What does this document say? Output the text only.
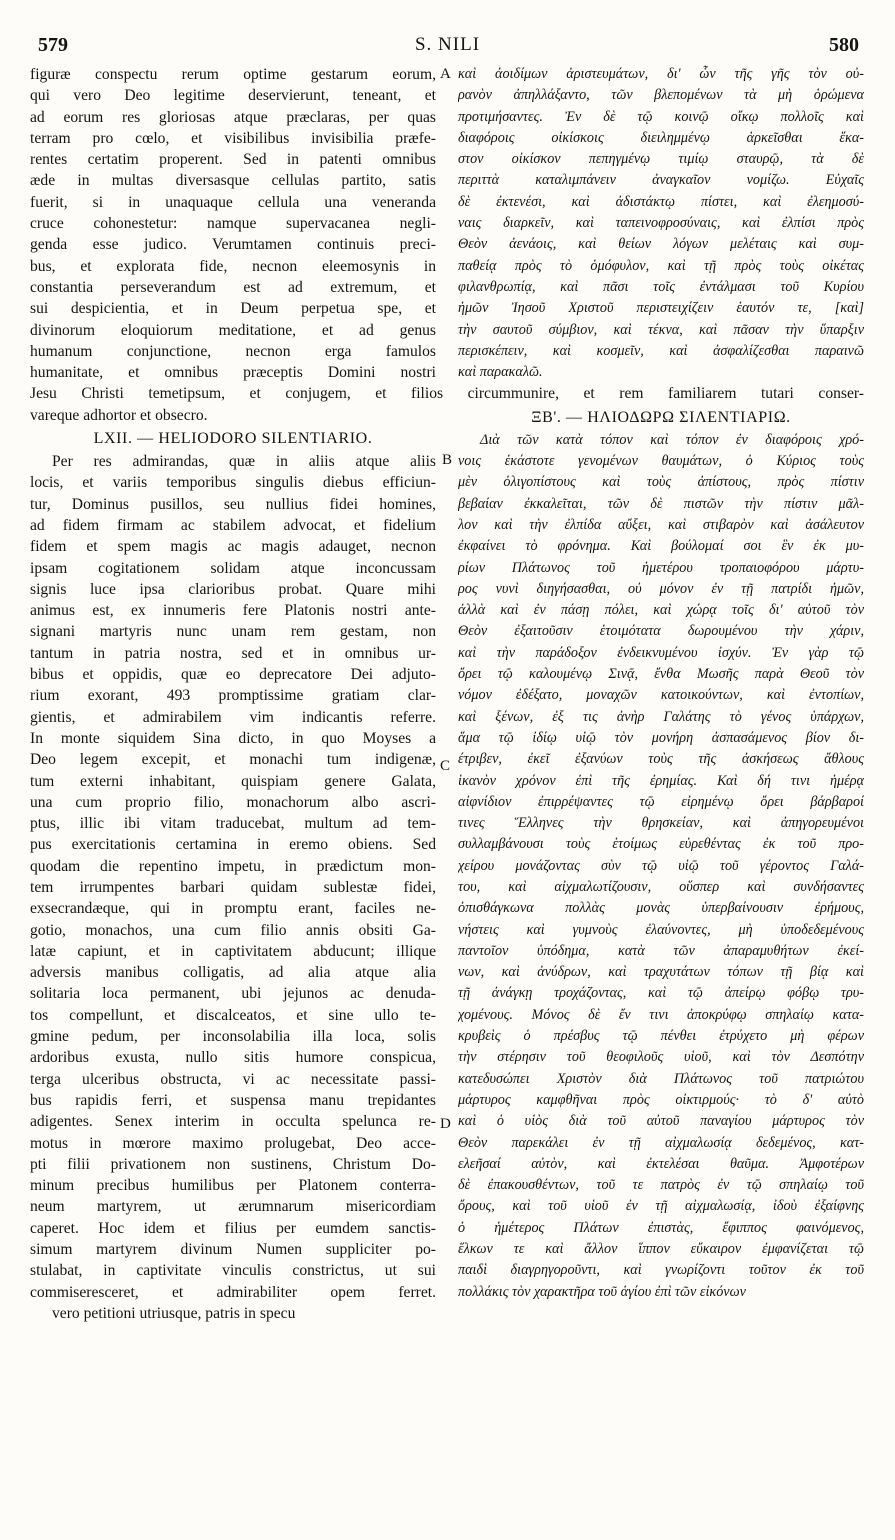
579	S. NILI	580
A
B
C
D
figuræ conspectu rerum optime gestarum eorum,
qui vero Deo legitime deservierunt, teneant, et
ad eorum res gloriosas atque præclaras, per quas
terram pro cœlo, et visibilibus invisibilia præfe-
rentes certatim properent. Sed in patenti omnibus
æde in multas diversasque cellulas partito, satis
fuerit, si in unaquaque cellula una veneranda
cruce cohonestetur: namque supervacanea negli-
genda esse judico. Verumtamen continuis preci-
bus, et explorata fide, necnon eleemosynis in
constantia perseverandum est ad extremum, et
sui despicientia, et in Deum perpetua spe, et
divinorum eloquiorum meditatione, et ad genus
humanum conjunctione, necnon erga famulos
humanitate, et omnibus præceptis Domini nostri
Jesu Christi temetipsum, et conjugem, et filios circummunire, et rem familiarem tutari conser-
vareque adhortor et obsecro.
LXII. — HELIODORO SILENTIARIO.
Per res admirandas, quæ in aliis atque aliis
locis, et variis temporibus singulis diebus efficiun-
tur, Dominus pusillos, seu nullius fidei homines,
ad fidem firmam ac stabilem advocat, et fidelium
fidem et spem magis ac magis adauget, necnon
ipsam cogitationem solidam atque inconcussam
signis luce ipsa clarioribus probat. Quare mihi
animus est, ex innumeris fere Platonis nostri ante-
signani martyris nunc unam rem gestam, non
tantum in patria nostra, sed et in omnibus ur-
bibus et oppidis, quæ eo deprecatore Dei adjuto-
rium exorant, 493 promptissime gratiam clar-
gientis, et admirabilem vim indicantis referre.
In monte siquidem Sina dicto, in quo Moyses a
Deo legem excepit, et monachi tum indigenæ,
tum externi inhabitant, quispiam genere Galata,
una cum proprio filio, monachorum albo ascri-
ptus, illic ibi vitam traducebat, multum ad tem-
pus exercitationis certamina in eremo obiens. Sed
quodam die repentino impetu, in prædictum mon-
tem irrumpentes barbari quidam sublestæ fidei,
exsecrandæque, qui in promptu erant, faciles ne-
gotio, monachos, una cum filio annis obsiti Ga-
latæ capiunt, et in captivitatem abducunt; illique
adversis manibus colligatis, ad alia atque alia
solitaria loca permanent, ubi jejunos ac denuda-
tos compellunt, et discalceatos, et sine ullo te-
gmine pedum, per inconsolabilia illa loca, solis
ardoribus exusta, nullo sitis humore conspicua,
terga ulceribus obstructa, vi ac necessitate passi-
bus rapidis ferri, et suspensa manu trepidantes
adigentes. Senex interim in occulta spelunca re-
motus in mœrore maximo prolugebat, Deo acce-
pti filii privationem non sustinens, Christum Do-
minum precibus humilibus per Platonem conterra-
neum martyrem, ut ærumnarum misericordiam
caperet. Hoc idem et filius per eumdem sanctis-
simum martyrem divinum Numen suppliciter po-
stulabat, in captivitate vinculis constrictus, ut sui
commiseresceret, et admirabiliter opem ferret.
vero petitioni utriusque, patris in specu
καὶ ἀοιδίμων ἀριστευμάτων, δι' ὧν τῆς γῆς τὸν οὐ-
ρανὸν ἀπηλλάξαντο, τῶν βλεπομένων τὰ μὴ ὁρώμενα
προτιμήσαντες. Ἐν δὲ τῷ κοινῷ οἴκῳ πολλοῖς καὶ
διαφόροις οἰκίσκοις διειλημμένῳ ἀρκεῖσθαι ἕκα-
στον οἰκίσκον πεπηγμένῳ τιμίῳ σταυρῷ, τὰ δὲ
περιττὰ καταλιμπάνειν ἀναγκαῖον νομίζω. Εὐχαῖς
δὲ ἐκτενέσι, καὶ ἀδιστάκτῳ πίστει, καὶ ἐλεημοσύ-
ναις διαρκεῖν, καὶ ταπεινοφροσύναις, καὶ ἐλπίσι πρὸς
Θεὸν ἀενάοις, καὶ θείων λόγων μελέταις καὶ συμ-
παθείᾳ πρὸς τὸ ὁμόφυλον, καὶ τῇ πρὸς τοὺς οἰκέτας
φιλανθρωπίᾳ, καὶ πᾶσι τοῖς ἐντάλμασι τοῦ Κυρίου
ἡμῶν Ἰησοῦ Χριστοῦ περιστειχίζειν ἑαυτόν τε, [καὶ]
τὴν σαυτοῦ σύμβιον, καὶ τέκνα, καὶ πᾶσαν τὴν ὕπαρξιν
περισκέπειν, καὶ κοσμεῖν, καὶ ἀσφαλίζεσθαι παραινῶ
καὶ παρακαλῶ.
ΞΒ'. — ΗΛΙΟΔΩΡΩ ΣΙΛΕΝΤΙΑΡΙΩ.
Διὰ τῶν κατὰ τόπον καὶ τόπον ἐν διαφόροις χρό-
νοις ἑκάστοτε γενομένων θαυμάτων, ὁ Κύριος τοὺς
μὲν ὀλιγοπίστους καὶ τοὺς ἀπίστους, πρὸς πίστιν
βεβαίαν ἐκκαλεῖται, τῶν δὲ πιστῶν τὴν πίστιν μᾶλ-
λον καὶ τὴν ἐλπίδα αὔξει, καὶ στιβαρὸν καὶ ἀσάλευτον
ἐκφαίνει τὸ φρόνημα. Καὶ βούλομαί σοι ἓν ἐκ μυ-
ρίων Πλάτωνος τοῦ ἡμετέρου τροπαιοφόρου μάρτυ-
ρος νυνὶ διηγήσασθαι, οὐ μόνον ἐν τῇ πατρίδι ἡμῶν,
ἀλλὰ καὶ ἐν πάσῃ πόλει, καὶ χώρᾳ τοῖς δι' αὐτοῦ τὸν
Θεὸν ἐξαιτοῦσιν ἑτοιμότατα δωρουμένου τὴν χάριν,
καὶ τὴν παράδοξον ἐνδεικνυμένου ἰσχύν. Ἐν γὰρ τῷ
ὄρει τῷ καλουμένῳ Σινᾷ, ἔνθα Μωσῆς παρὰ Θεοῦ τὸν
νόμον ἐδέξατο, μοναχῶν κατοικούντων, καὶ ἐντοπίων,
καὶ ξένων, ἐξ τις ἀνὴρ Γαλάτης τὸ γένος ὑπάρχων,
ἅμα τῷ ἰδίῳ υἱῷ τὸν μονήρη ἀσπασάμενος βίον δι-
έτριβεν, ἐκεῖ ἐξανύων τοὺς τῆς ἀσκήσεως ἄθλους
ἱκανὸν χρόνον ἐπὶ τῆς ἐρημίας. Καὶ δή τινι ἡμέρᾳ
αἰφνίδιον ἐπιρρέψαντες τῷ εἰρημένῳ ὄρει βάρβαροί
τινες Ἕλληνες τὴν θρησκείαν, καὶ ἀπηγορευμένοι
συλλαμβάνουσι τοὺς ἑτοίμως εὑρεθέντας ἐκ τοῦ προ-
χείρου μονάζοντας σὺν τῷ υἱῷ τοῦ γέροντος Γαλά-
του, καὶ αἰχμαλωτίζουσιν, οὕσπερ καὶ συνδήσαντες
ὀπισθάγκωνα πολλὰς μονὰς ὑπερβαίνουσιν ἐρήμους,
νήστεις καὶ γυμνοὺς ἐλαύνοντες, μὴ ὑποδεδεμένους
παντοῖον ὑπόδημα, κατὰ τῶν ἀπαραμυθήτων ἐκεί-
νων, καὶ ἀνύδρων, καὶ τραχυτάτων τόπων τῇ βίᾳ καὶ
τῇ ἀνάγκῃ τροχάζοντας, καὶ τῷ ἀπείρῳ φόβῳ τρυ-
χομένους. Μόνος δὲ ἔν τινι ἀποκρύφῳ σπηλαίῳ κατα-
κρυβεὶς ὁ πρέσβυς τῷ πένθει ἐτρύχετο μὴ φέρων
τὴν στέρησιν τοῦ θεοφιλοῦς υἱοῦ, καὶ τὸν Δεσπότην
κατεδυσώπει Χριστὸν διὰ Πλάτωνος τοῦ πατριώτου
μάρτυρος καμφθῆναι πρὸς οἰκτιρμούς· τὸ δ' αὐτὸ
καὶ ὁ υἱὸς διὰ τοῦ αὐτοῦ παναγίου μάρτυρος τὸν
Θεὸν παρεκάλει ἐν τῇ αἰχμαλωσίᾳ δεδεμένος, κατ-
ελεῆσαί αὐτὸν, καὶ ἐκτελέσαι θαῦμα. Ἀμφοτέρων
δὲ ἐπακουσθέντων, τοῦ τε πατρὸς ἐν τῷ σπηλαίῳ τοῦ
ὄρους, καὶ τοῦ υἱοῦ ἐν τῇ αἰχμαλωσίᾳ, ἰδοὺ ἐξαίφνης
ὁ ἡμέτερος Πλάτων ἐπιστὰς, ἔφιππος φαινόμενος,
ἕλκων τε καὶ ἄλλον ἵππον εὔκαιρον ἐμφανίζεται τῷ
παιδὶ διαγρηγοροῦντι, καὶ γνωρίζοντι τοῦτον ἐκ τοῦ
πολλάκις τὸν χαρακτῆρα τοῦ ἁγίου ἐπὶ τῶν εἰκόνων
